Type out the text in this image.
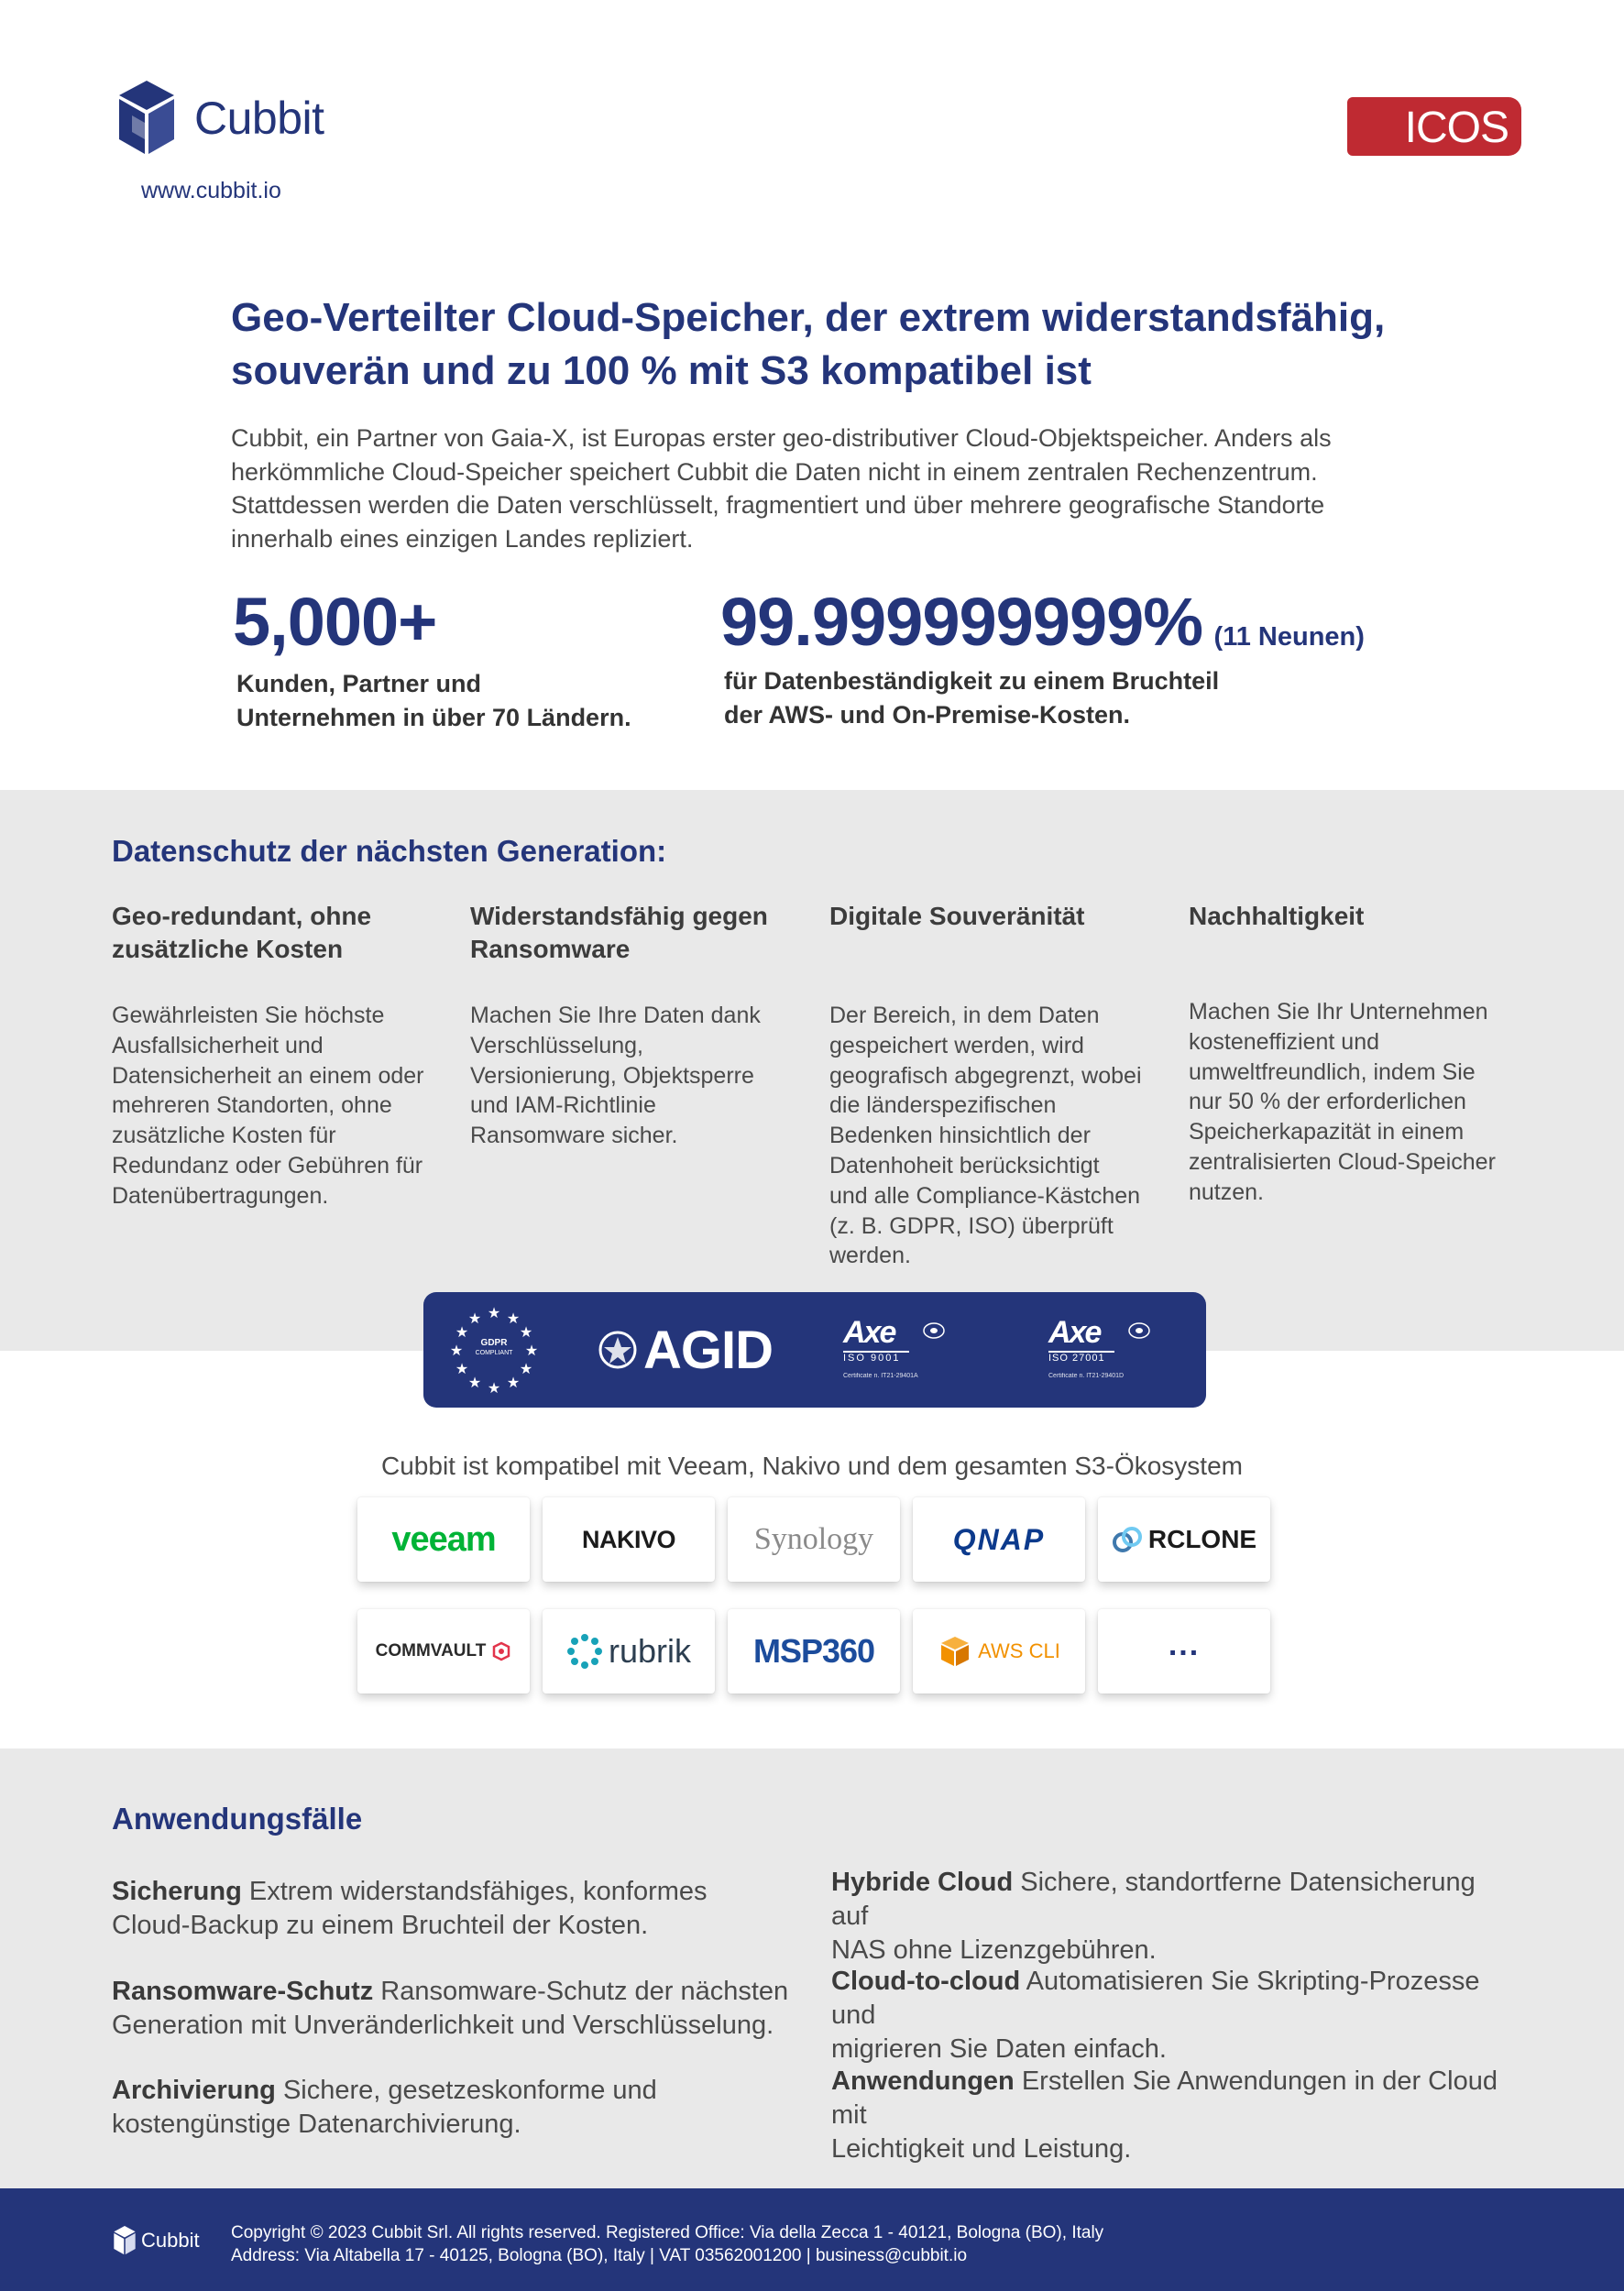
Cubbit
www.cubbit.io
ICOS
Geo-Verteilter Cloud-Speicher, der extrem widerstandsfähig,
souverän und zu 100 % mit S3 kompatibel ist
Cubbit, ein Partner von Gaia-X, ist Europas erster geo-distributiver Cloud-Objektspeicher. Anders als
herkömmliche Cloud-Speicher speichert Cubbit die Daten nicht in einem zentralen Rechenzentrum.
Stattdessen werden die Daten verschlüsselt, fragmentiert und über mehrere geografische Standorte
innerhalb eines einzigen Landes repliziert.
5,000+
Kunden, Partner und
Unternehmen in über 70 Ländern.
99.999999999% (11 Neunen)
für Datenbeständigkeit zu einem Bruchteil
der AWS- und On-Premise-Kosten.
Datenschutz der nächsten Generation:
Geo-redundant, ohne
zusätzliche Kosten

Gewährleisten Sie höchste
Ausfallsicherheit und
Datensicherheit an einem oder
mehreren Standorten, ohne
zusätzliche Kosten für
Redundanz oder Gebühren für
Datenübertragungen.

Widerstandsfähig gegen
Ransomware

Machen Sie Ihre Daten dank
Verschlüsselung,
Versionierung, Objektsperre
und IAM-Richtlinie
Ransomware sicher.

Digitale Souveränität

Der Bereich, in dem Daten
gespeichert werden, wird
geografisch abgegrenzt, wobei
die länderspezifischen
Bedenken hinsichtlich der
Datenhoheit berücksichtigt
und alle Compliance-Kästchen
(z. B. GDPR, ISO) überprüft
werden.

Nachhaltigkeit

Machen Sie Ihr Unternehmen
kosteneffizient und
umweltfreundlich, indem Sie
nur 50 % der erforderlichen
Speicherkapazität in einem
zentralisierten Cloud-Speicher
nutzen.

★ ★
★
★
★
★
★
★
★
★
★
★
GDPR
COMPLIANT	AGID Axe
ISO 9001
Certificate n. IT21-29401A
Axe
ISO 27001
Certificate n. IT21-29401D
Cubbit ist kompatibel mit Veeam, Nakivo und dem gesamten S3-Ökosystem
veeam	NAKIVO	Synology	QNAP	RCLONE
COMMVAULT	rubrik MSP360	AWS CLI	...
Anwendungsfälle
Sicherung Extrem widerstandsfähiges, konformes
Cloud-Backup zu einem Bruchteil der Kosten.
Ransomware-Schutz Ransomware-Schutz der nächsten
Generation mit Unveränderlichkeit und Verschlüsselung.
Archivierung Sichere, gesetzeskonforme und
kostengünstige Datenarchivierung.
Hybride Cloud Sichere, standortferne Datensicherung auf
NAS ohne Lizenzgebühren.
Cloud-to-cloud Automatisieren Sie Skripting-Prozesse und
migrieren Sie Daten einfach.
Anwendungen Erstellen Sie Anwendungen in der Cloud mit
Leichtigkeit und Leistung.
Cubbit Copyright © 2023 Cubbit Srl. All rights reserved. Registered Office: Via della Zecca 1 - 40121, Bologna (BO), Italy
Address: Via Altabella 17 - 40125, Bologna (BO), Italy | VAT 03562001200 | business@cubbit.io
